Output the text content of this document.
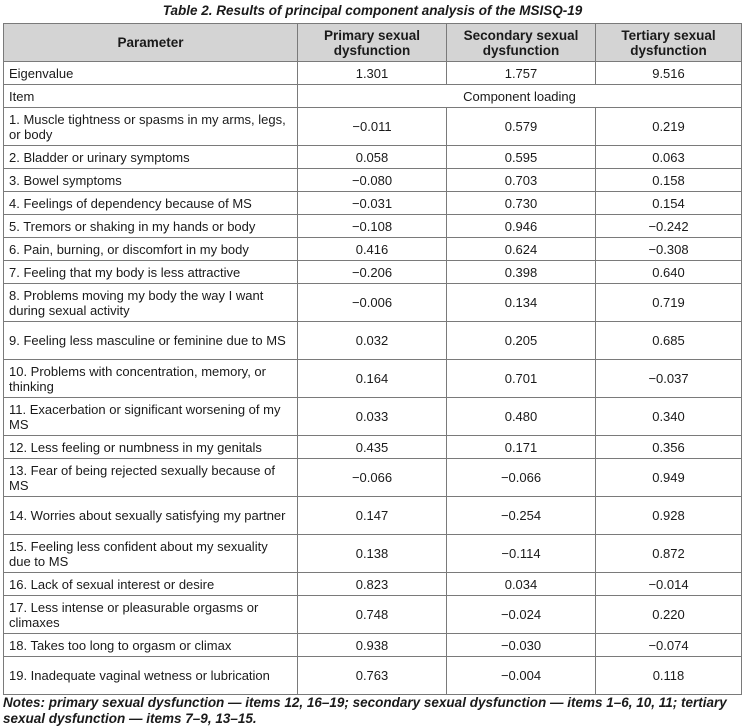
Table 2. Results of principal component analysis of the MSISQ-19
Parameter	Primary sexual dysfunction	Secondary sexual dysfunction	Tertiary sexual dysfunction
Eigenvalue	1.301	1.757	9.516
Item	Component loading		
1. Muscle tightness or spasms in my arms, legs, or body	−0.011	0.579	0.219
2. Bladder or urinary symptoms	0.058	0.595	0.063
3. Bowel symptoms	−0.080	0.703	0.158
4. Feelings of dependency because of MS	−0.031	0.730	0.154
5. Tremors or shaking in my hands or body	−0.108	0.946	−0.242
6. Pain, burning, or discomfort in my body	0.416	0.624	−0.308
7. Feeling that my body is less attractive	−0.206	0.398	0.640
8. Problems moving my body the way I want during sexual activity	−0.006	0.134	0.719
9. Feeling less masculine or feminine due to MS	0.032	0.205	0.685
10. Problems with concentration, memory, or thinking	0.164	0.701	−0.037
11. Exacerbation or significant worsening of my MS	0.033	0.480	0.340
12. Less feeling or numbness in my genitals	0.435	0.171	0.356
13. Fear of being rejected sexually because of MS	−0.066	−0.066	0.949
14. Worries about sexually satisfying my partner	0.147	−0.254	0.928
15. Feeling less confident about my sexuality due to MS	0.138	−0.114	0.872
16. Lack of sexual interest or desire	0.823	0.034	−0.014
17. Less intense or pleasurable orgasms or climaxes	0.748	−0.024	0.220
18. Takes too long to orgasm or climax	0.938	−0.030	−0.074
19. Inadequate vaginal wetness or lubrication	0.763	−0.004	0.118
Notes: primary sexual dysfunction — items 12, 16–19; secondary sexual dysfunction — items 1–6, 10, 11; tertiary sexual dysfunction — items 7–9, 13–15.
